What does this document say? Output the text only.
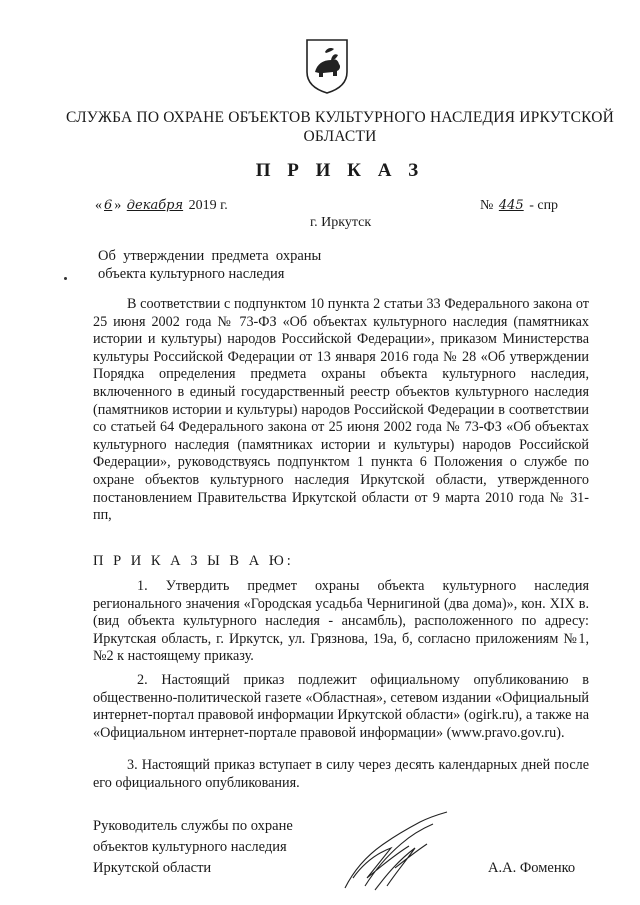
СЛУЖБА ПО ОХРАНЕ ОБЪЕКТОВ КУЛЬТУРНОГО НАСЛЕДИЯ ИРКУТСКОЙ
ОБЛАСТИ
П Р И К А З
« 6 » декабря 2019 г.	№ 445 - спр
г. Иркутск
Об  утверждении  предмета  охраны
объекта культурного наследия
В соответствии с подпунктом 10 пункта 2 статьи 33 Федерального закона от 25 июня 2002 года № 73-ФЗ «Об объектах культурного наследия (памятниках истории и культуры) народов Российской Федерации», приказом Министерства культуры Российской Федерации от 13 января 2016 года № 28 «Об утверждении Порядка определения предмета охраны объекта культурного наследия, включенного в единый государственный реестр объектов культурного наследия (памятников истории и культуры) народов Российской Федерации в соответствии со статьей 64 Федерального закона от 25 июня 2002 года № 73-ФЗ «Об объектах культурного наследия (памятниках истории и культуры) народов Российской Федерации», руководствуясь подпунктом 1 пункта 6 Положения о службе по охране объектов культурного наследия Иркутской области, утвержденного постановлением Правительства Иркутской области от 9 марта 2010 года № 31-пп,
П Р И К А З Ы В А Ю:
1. Утвердить предмет охраны объекта культурного наследия регионального значения «Городская усадьба Чернигиной (два дома)», кон. XIX в. (вид объекта культурного наследия - ансамбль), расположенного по адресу: Иркутская область, г. Иркутск, ул. Грязнова, 19а, б, согласно приложениям №1, №2 к настоящему приказу.
2. Настоящий приказ подлежит официальному опубликованию в общественно-политической газете «Областная», сетевом издании «Официальный интернет-портал правовой информации Иркутской области» (ogirk.ru), а также на «Официальном интернет-портале правовой информации» (www.pravo.gov.ru).
3. Настоящий приказ вступает в силу через десять календарных дней после его официального опубликования.
Руководитель службы по охране
объектов культурного наследия
Иркутской области	А.А. Фоменко
